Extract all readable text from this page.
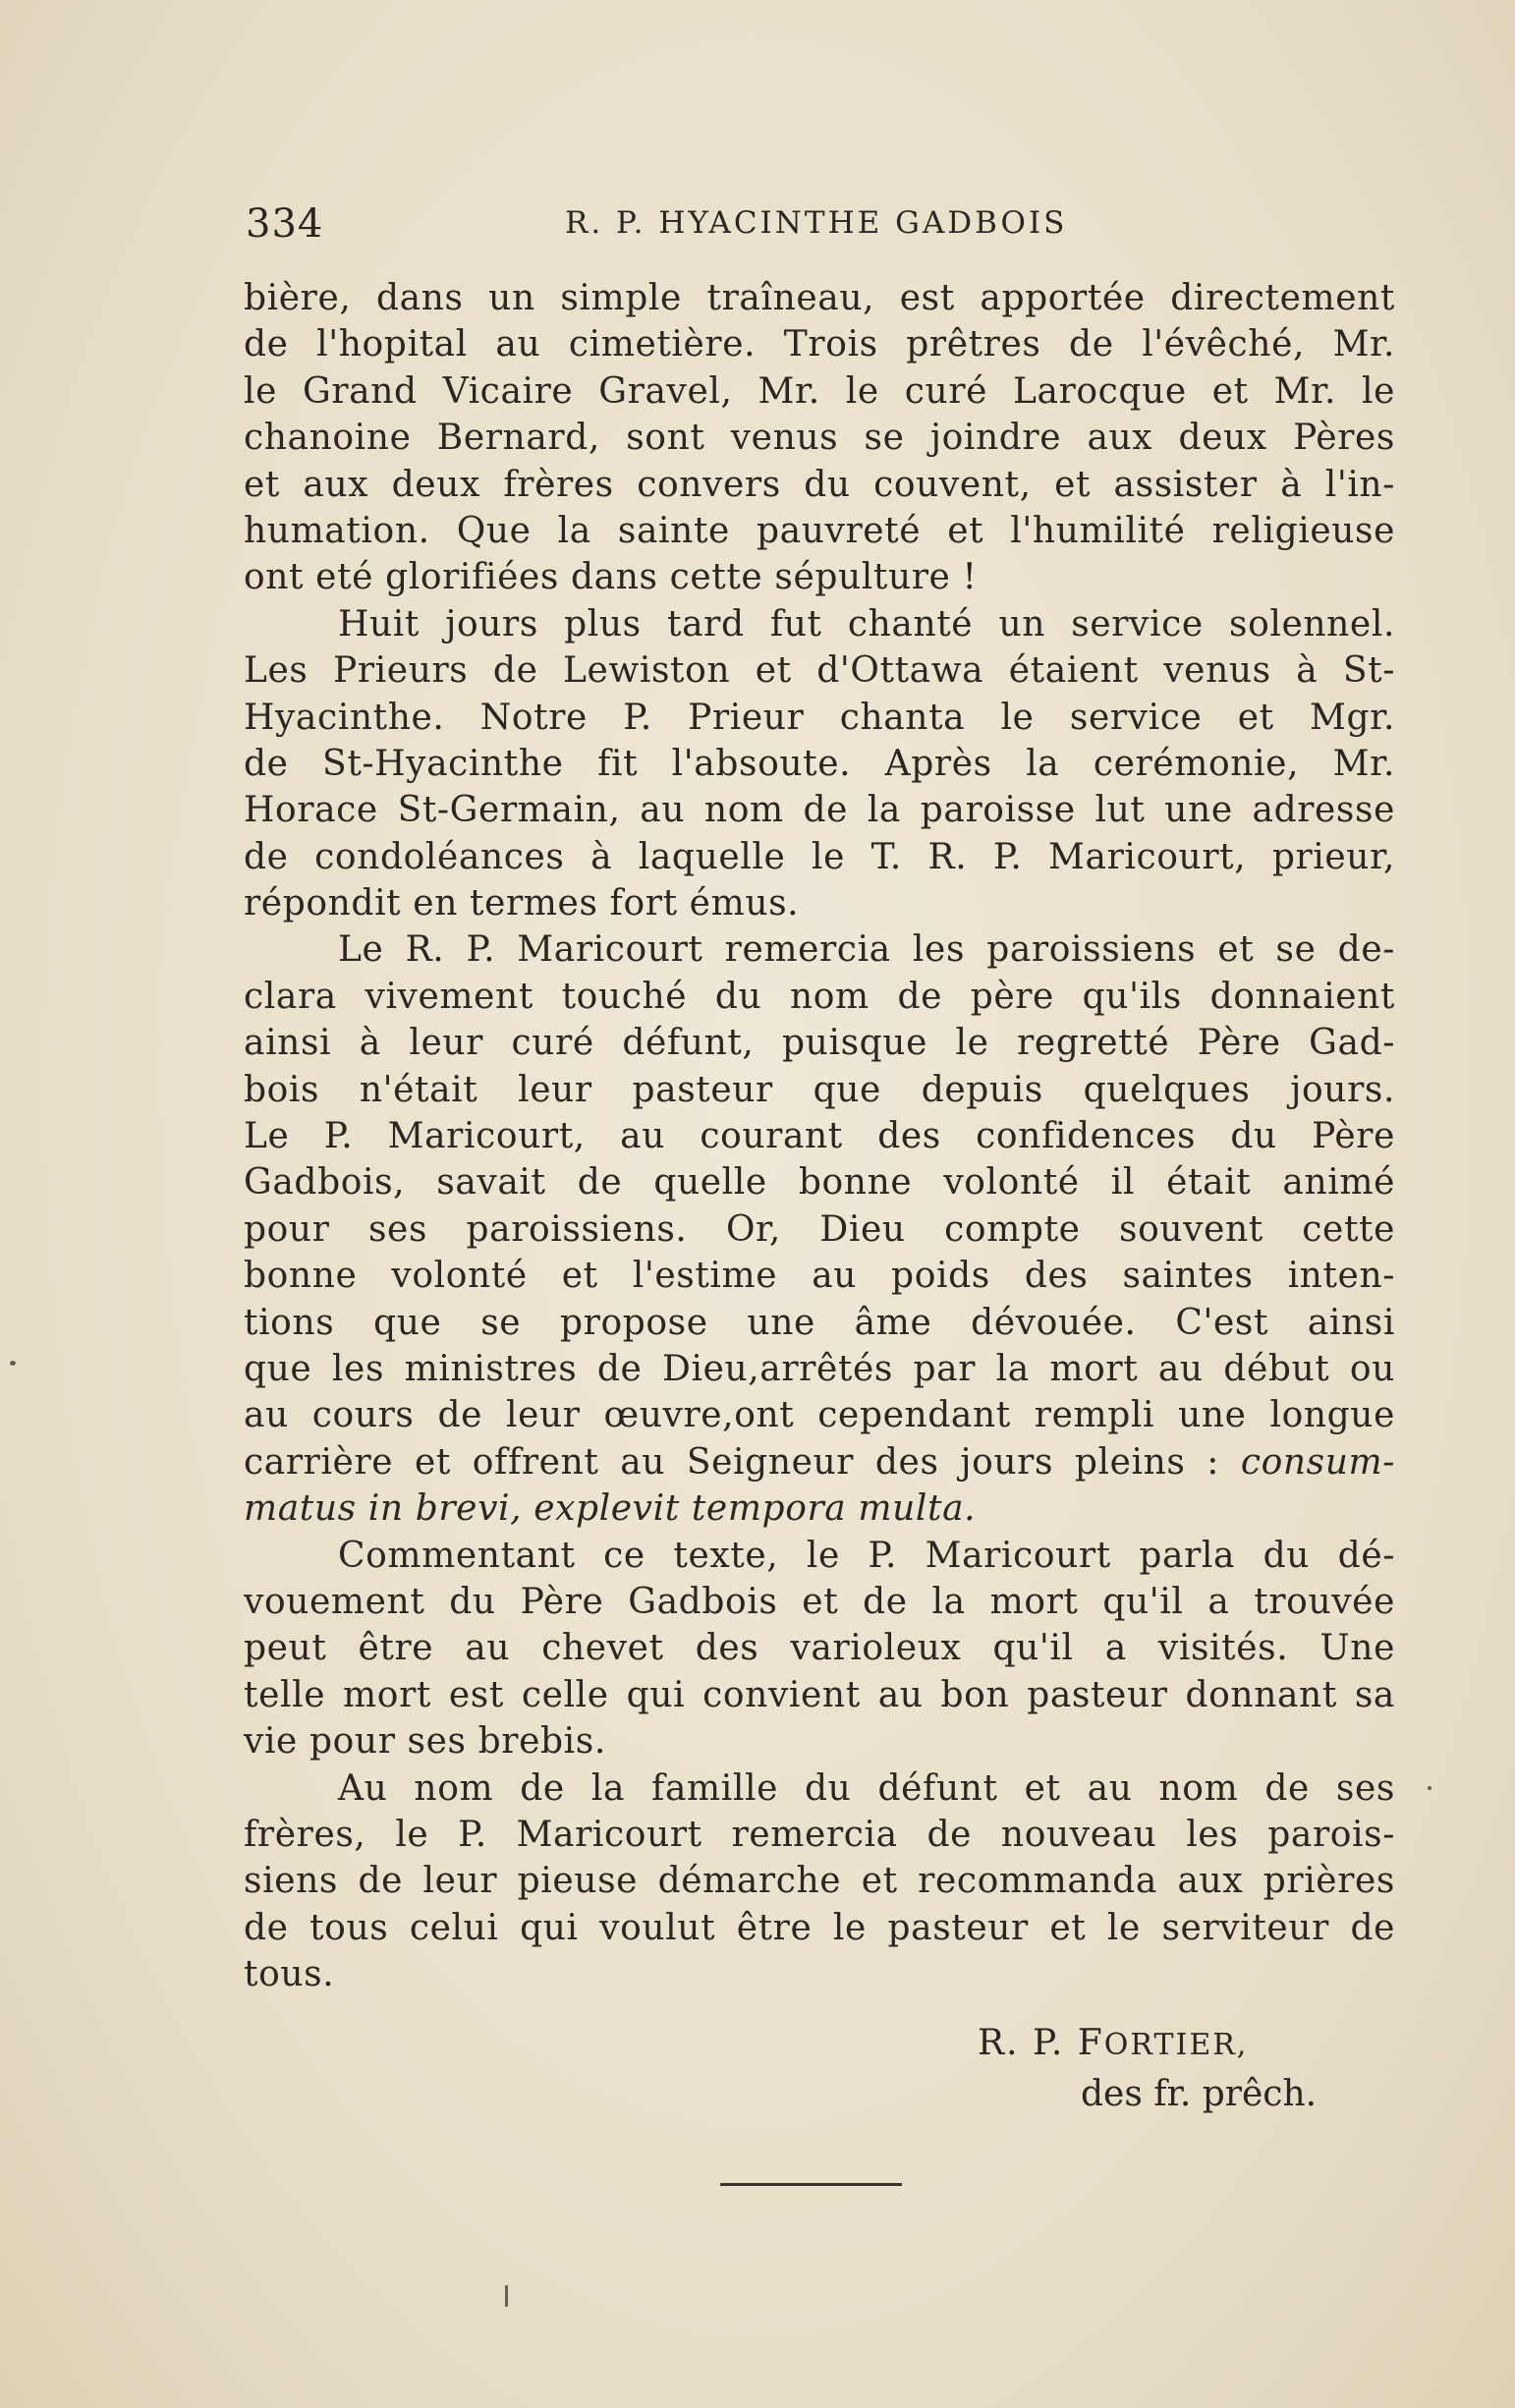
334	R. P. HYACINTHE GADBOIS
bière, dans un simple traîneau, est apportée directement
de l'hopital au cimetière. Trois prêtres de l'évêché, Mr.
le Grand Vicaire Gravel, Mr. le curé Larocque et Mr. le
chanoine Bernard, sont venus se joindre aux deux Pères
et aux deux frères convers du couvent, et assister à l'in-
humation. Que la sainte pauvreté et l'humilité religieuse
ont eté glorifiées dans cette sépulture !
Huit jours plus tard fut chanté un service solennel.
Les Prieurs de Lewiston et d'Ottawa étaient venus à St-
Hyacinthe. Notre P. Prieur chanta le service et Mgr.
de St-Hyacinthe fit l'absoute. Après la cerémonie, Mr.
Horace St-Germain, au nom de la paroisse lut une adresse
de condoléances à laquelle le T. R. P. Maricourt, prieur,
répondit en termes fort émus.
Le R. P. Maricourt remercia les paroissiens et se de-
clara vivement touché du nom de père qu'ils donnaient
ainsi à leur curé défunt, puisque le regretté Père Gad-
bois n'était leur pasteur que depuis quelques jours.
Le P. Maricourt, au courant des confidences du Père
Gadbois, savait de quelle bonne volonté il était animé
pour ses paroissiens. Or, Dieu compte souvent cette
bonne volonté et l'estime au poids des saintes inten-
tions que se propose une âme dévouée. C'est ainsi
que les ministres de Dieu,arrêtés par la mort au début ou
au cours de leur œuvre,ont cependant rempli une longue
carrière et offrent au Seigneur des jours pleins : consum-
matus in brevi, explevit tempora multa.
Commentant ce texte, le P. Maricourt parla du dé-
vouement du Père Gadbois et de la mort qu'il a trouvée
peut être au chevet des varioleux qu'il a visités. Une
telle mort est celle qui convient au bon pasteur donnant sa
vie pour ses brebis.
Au nom de la famille du défunt et au nom de ses
frères, le P. Maricourt remercia de nouveau les parois-
siens de leur pieuse démarche et recommanda aux prières
de tous celui qui voulut être le pasteur et le serviteur de
tous.
R. P. FORTIER,
des fr. prêch.
